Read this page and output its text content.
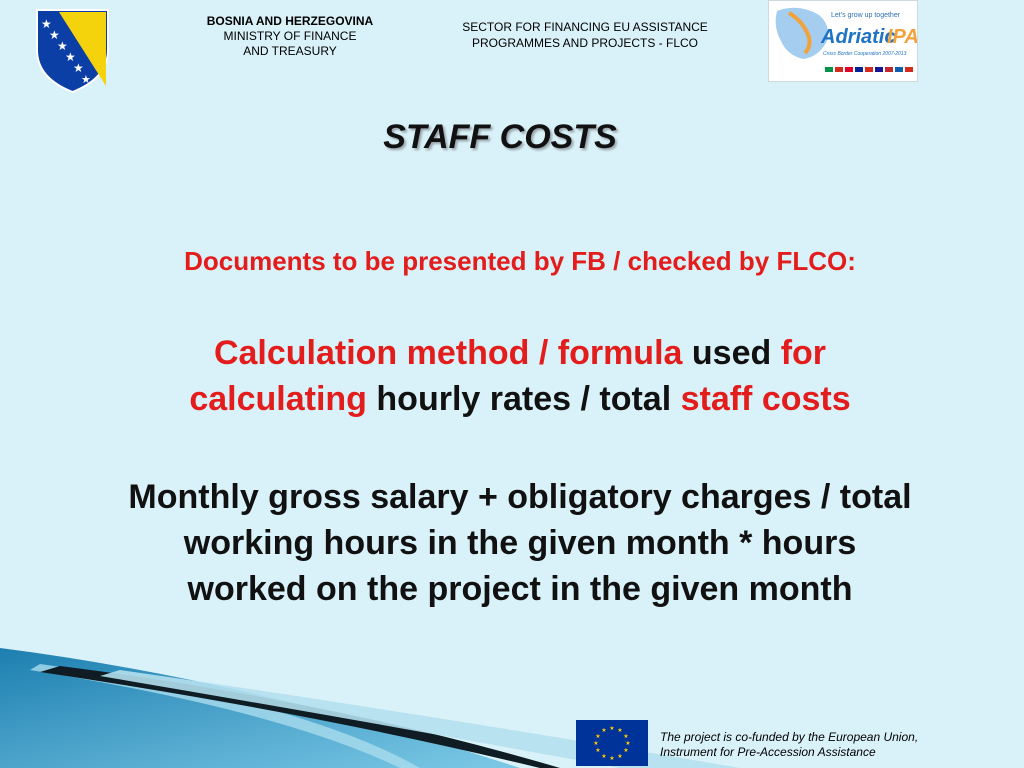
★
★
★
★
★
★
BOSNIA AND HERZEGOVINA
MINISTRY OF FINANCE
AND TREASURY
SECTOR FOR FINANCING EU ASSISTANCE
PROGRAMMES AND PROJECTS - FLCO
Let's grow up together
Adriatic
IPA
Cross Border Cooperation 2007-2013
STAFF COSTS
Documents to be presented by FB / checked by FLCO:
Calculation method / formula used for
calculating hourly rates / total staff costs
Monthly gross salary + obligatory charges / total
working hours in the given month * hours
worked on the project in the given month
★ ★
★
★
★
★
★
★
★
★
★
★	The project is co-funded by the European Union,
Instrument for Pre-Accession Assistance
